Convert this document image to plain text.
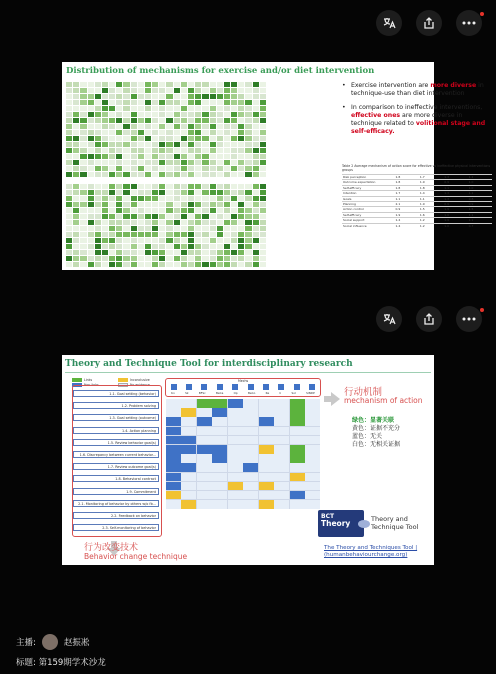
Distribution of mechanisms for exercise and/or diet intervention
• Exercise intervention are more diverse in technique-use than diet intervention
• In comparison to ineffective interventions, effective ones are more diverse in technique related to volitional stage and self-efficacy.
Table 2 Average mechanism of action score for effective vs ineffective physical interventions groups
Risk perception	1.8	1.7	1.3	1.2
Outcome expectation	1.8	1.9	0.9	1.0
Self-efficacy	1.8	1.8	1.1	1.0
Intention	1.7	1.4	1.3	1.1
Goals	1.1	1.1	1.3	0.8
Planning	2.1	1.9	0.9	0.9
Action control	0.9	1.5	1.9	1.5
Self-efficacy	1.9	1.6	1.0	1.1
Social support	1.4	1.2	1.9	1.1
Social influence	1.4	1.2	1.0	0.7
Theory and Technique Tool for interdisciplinary research
Links	Inconclusive
Non-links	No evidence
1.1. Goal setting (behavior)
1.2. Problem solving
1.3. Goal setting (outcome)
1.4. Action planning
1.5. Review behavior goal(s)
1.6. Discrepancy between current behavior...
1.7. Review outcome goal(s)
1.8. Behavioral contract
1.9. Commitment
2.1. Monitoring of behavior by others w/o fb...
2.2. Feedback on behavior
2.3. Self-monitoring of behavior
Mechs
Kn	Sk	BFSc	BeCa	Op	BeCo	Re	Ii	SoI	SINDP	行动机制
mechanism of action
绿色：显著关联
黄色：证据不充分
蓝色：无关
白色：无相关证据
行为改变技术
Behavior change technique
BCT
Theory	Theory and
Technique Tool
The Theory and Techniques Tool |
(humanbehaviourchange.org)
主播:	赵振凇
标题: 第159期学术沙龙
